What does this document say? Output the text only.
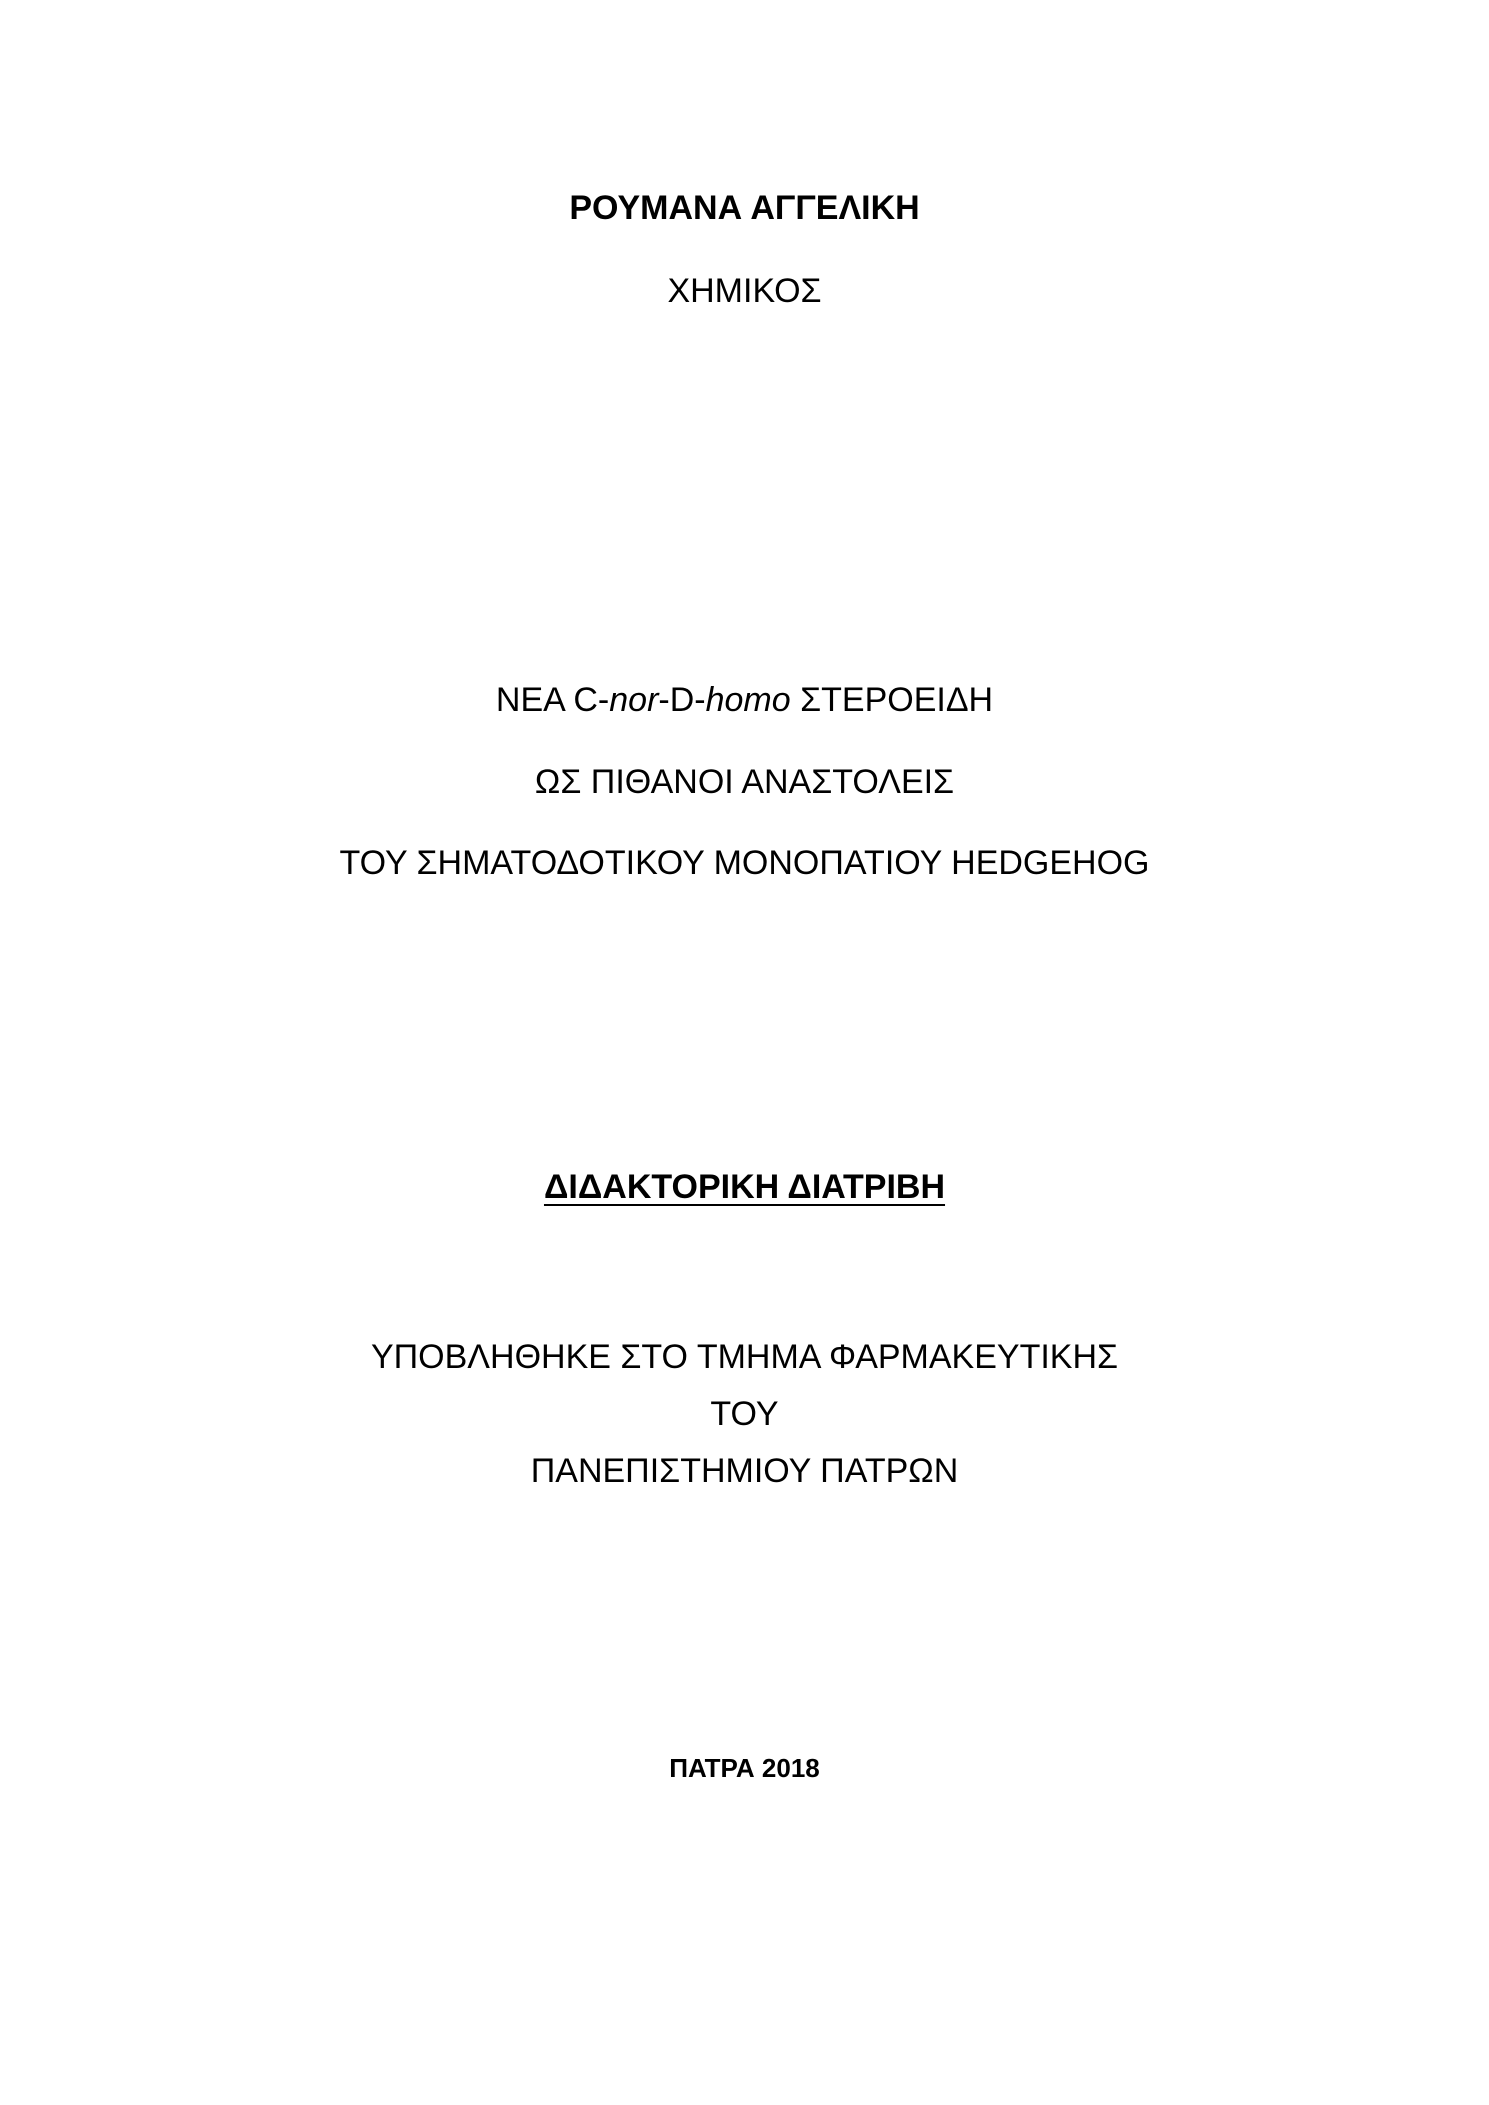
ΡΟΥΜΑΝΑ ΑΓΓΕΛΙΚΗ
ΧΗΜΙΚΟΣ
ΝΕΑ C-nor-D-homo ΣΤΕΡΟΕΙΔΗ
ΩΣ ΠΙΘΑΝΟΙ ΑΝΑΣΤΟΛΕΙΣ
ΤΟΥ ΣΗΜΑΤΟΔΟΤΙΚΟΥ ΜΟΝΟΠΑΤΙΟΥ HEDGEHOG
ΔΙΔΑΚΤΟΡΙΚΗ ΔΙΑΤΡΙΒΗ
ΥΠΟΒΛΗΘΗΚΕ ΣΤΟ ΤΜΗΜΑ ΦΑΡΜΑΚΕΥΤΙΚΗΣ
ΤΟΥ
ΠΑΝΕΠΙΣΤΗΜΙΟΥ ΠΑΤΡΩΝ
ΠΑΤΡΑ 2018
